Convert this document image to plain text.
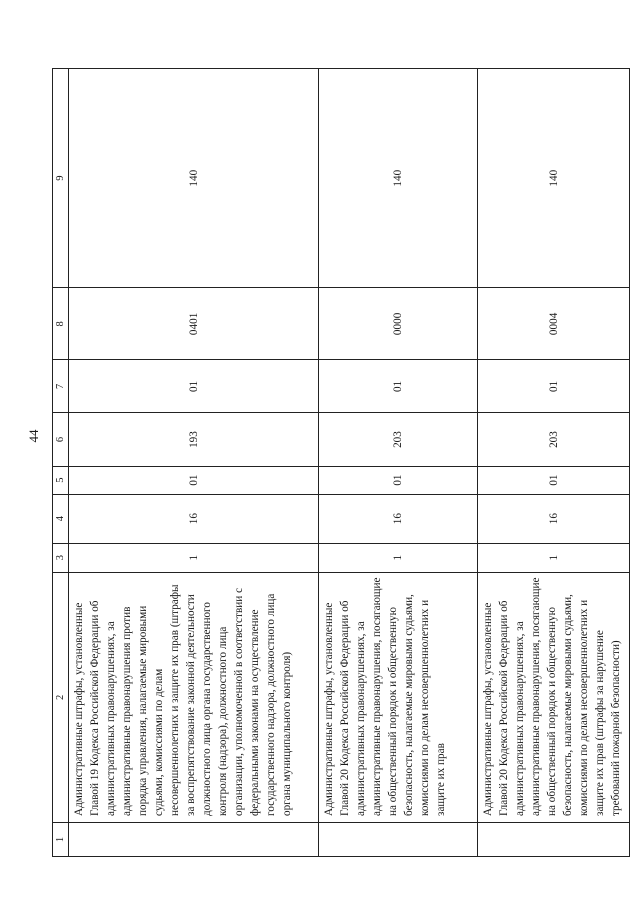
44
1	2	3	4	5	6	7	8	9
	Административные штрафы, установленные Главой 19 Кодекса Российской Федерации об административных правонарушениях, за административные правонарушения против порядка управления, налагаемые мировыми судьями, комиссиями по делам несовершеннолетних и защите их прав (штрафы за воспрепятствование законной деятельности должностного лица органа государственного контроля (надзора), должностного лица организации, уполномоченной в соответствии с федеральными законами на осуществление государственного надзора, должностного лица органа муниципального контроля)	1	16	01	193	01	0401	140
	Административные штрафы, установленные Главой 20 Кодекса Российской Федерации об административных правонарушениях, за административные правонарушения, посягающие на общественный порядок и общественную безопасность, налагаемые мировыми судьями, комиссиями по делам несовершеннолетних и защите их прав	1	16	01	203	01	0000	140
	Административные штрафы, установленные Главой 20 Кодекса Российской Федерации об административных правонарушениях, за административные правонарушения, посягающие на общественный порядок и общественную безопасность, налагаемые мировыми судьями, комиссиями по делам несовершеннолетних и защите их прав (штрафы за нарушение требований пожарной безопасности)	1	16	01	203	01	0004	140
